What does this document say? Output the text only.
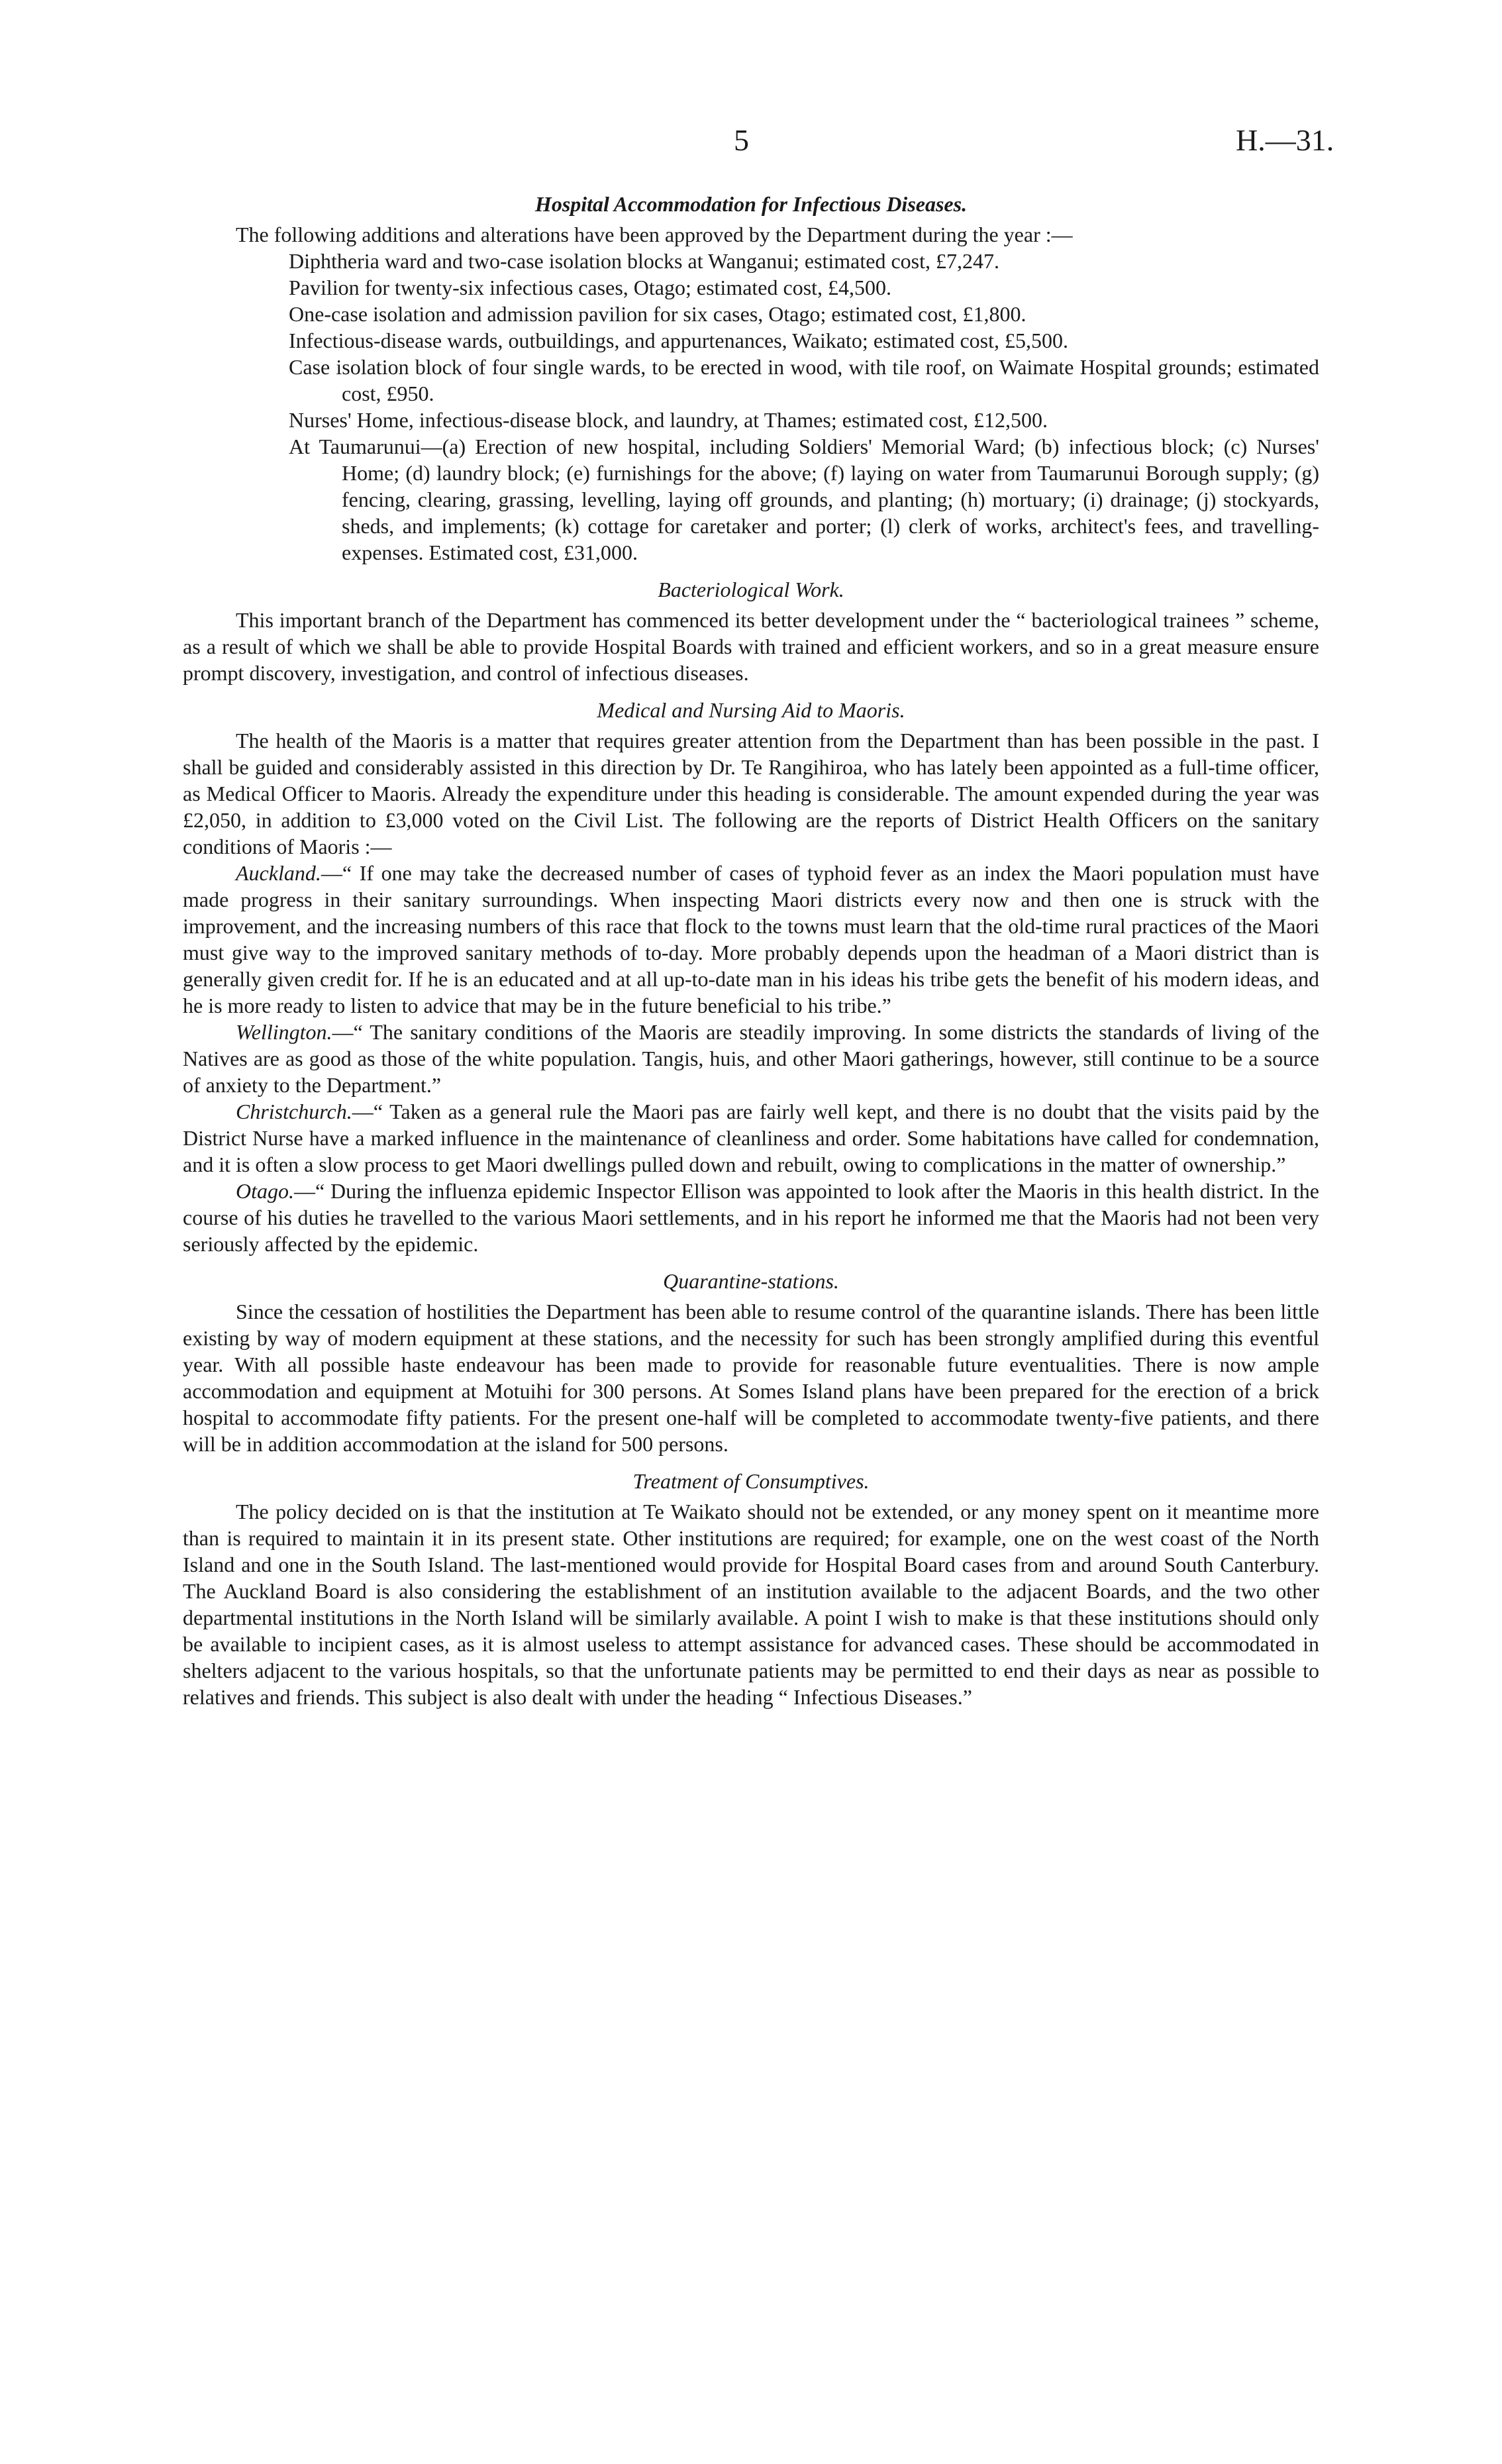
5	H.—31.
Hospital Accommodation for Infectious Diseases.

The following additions and alterations have been approved by the Department during the year :—

Diphtheria ward and two-case isolation blocks at Wanganui; estimated cost, £7,247.
Pavilion for twenty-six infectious cases, Otago; estimated cost, £4,500.
One-case isolation and admission pavilion for six cases, Otago; estimated cost, £1,800.
Infectious-disease wards, outbuildings, and appurtenances, Waikato; estimated cost, £5,500.
Case isolation block of four single wards, to be erected in wood, with tile roof, on Waimate Hospital grounds; estimated cost, £950.
Nurses' Home, infectious-disease block, and laundry, at Thames; estimated cost, £12,500.
At Taumarunui—(a) Erection of new hospital, including Soldiers' Memorial Ward; (b) infectious block; (c) Nurses' Home; (d) laundry block; (e) furnishings for the above; (f) laying on water from Taumarunui Borough supply; (g) fencing, clearing, grassing, levelling, laying off grounds, and planting; (h) mortuary; (i) drainage; (j) stockyards, sheds, and implements; (k) cottage for caretaker and porter; (l) clerk of works, architect's fees, and travelling-expenses. Estimated cost, £31,000.
Bacteriological Work.

This important branch of the Department has commenced its better development under the “ bacteriological trainees ” scheme, as a result of which we shall be able to provide Hospital Boards with trained and efficient workers, and so in a great measure ensure prompt discovery, investigation, and control of infectious diseases.

Medical and Nursing Aid to Maoris.

The health of the Maoris is a matter that requires greater attention from the Department than has been possible in the past. I shall be guided and considerably assisted in this direction by Dr. Te Rangihiroa, who has lately been appointed as a full-time officer, as Medical Officer to Maoris. Already the expenditure under this heading is considerable. The amount expended during the year was £2,050, in addition to £3,000 voted on the Civil List. The following are the reports of District Health Officers on the sanitary conditions of Maoris :—

Auckland.—“ If one may take the decreased number of cases of typhoid fever as an index the Maori population must have made progress in their sanitary surroundings. When inspecting Maori districts every now and then one is struck with the improvement, and the increasing numbers of this race that flock to the towns must learn that the old-time rural practices of the Maori must give way to the improved sanitary methods of to-day. More probably depends upon the headman of a Maori district than is generally given credit for. If he is an educated and at all up-to-date man in his ideas his tribe gets the benefit of his modern ideas, and he is more ready to listen to advice that may be in the future beneficial to his tribe.”

Wellington.—“ The sanitary conditions of the Maoris are steadily improving. In some districts the standards of living of the Natives are as good as those of the white population. Tangis, huis, and other Maori gatherings, however, still continue to be a source of anxiety to the Department.”

Christchurch.—“ Taken as a general rule the Maori pas are fairly well kept, and there is no doubt that the visits paid by the District Nurse have a marked influence in the maintenance of cleanliness and order. Some habitations have called for condemnation, and it is often a slow process to get Maori dwellings pulled down and rebuilt, owing to complications in the matter of ownership.”

Otago.—“ During the influenza epidemic Inspector Ellison was appointed to look after the Maoris in this health district. In the course of his duties he travelled to the various Maori settlements, and in his report he informed me that the Maoris had not been very seriously affected by the epidemic.

Quarantine-stations.

Since the cessation of hostilities the Department has been able to resume control of the quarantine islands. There has been little existing by way of modern equipment at these stations, and the necessity for such has been strongly amplified during this eventful year. With all possible haste endeavour has been made to provide for reasonable future eventualities. There is now ample accommodation and equipment at Motuihi for 300 persons. At Somes Island plans have been prepared for the erection of a brick hospital to accommodate fifty patients. For the present one-half will be completed to accommodate twenty-five patients, and there will be in addition accommodation at the island for 500 persons.

Treatment of Consumptives.

The policy decided on is that the institution at Te Waikato should not be extended, or any money spent on it meantime more than is required to maintain it in its present state. Other institutions are required; for example, one on the west coast of the North Island and one in the South Island. The last-mentioned would provide for Hospital Board cases from and around South Canterbury. The Auckland Board is also considering the establishment of an institution available to the adjacent Boards, and the two other departmental institutions in the North Island will be similarly available. A point I wish to make is that these institutions should only be available to incipient cases, as it is almost useless to attempt assistance for advanced cases. These should be accommodated in shelters adjacent to the various hospitals, so that the unfortunate patients may be permitted to end their days as near as possible to relatives and friends. This subject is also dealt with under the heading “ Infectious Diseases.”
